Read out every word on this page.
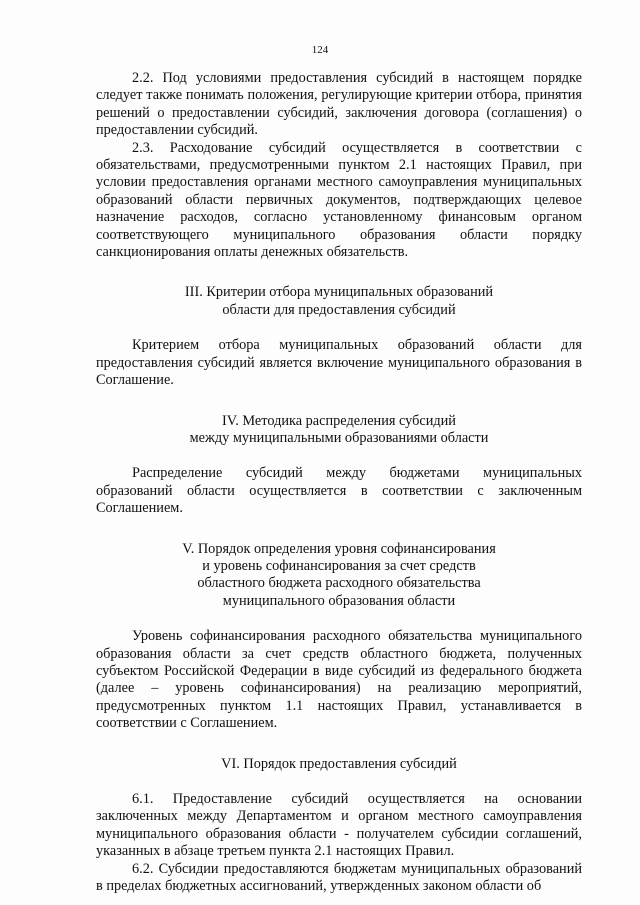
124

2.2. Под условиями предоставления субсидий в настоящем порядке следует также понимать положения, регулирующие критерии отбора, принятия решений о предоставлении субсидий, заключения договора (соглашения) о предоставлении субсидий.

2.3. Расходование субсидий осуществляется в соответствии с обязательствами, предусмотренными пунктом 2.1 настоящих Правил, при условии предоставления органами местного самоуправления муниципальных образований области первичных документов, подтверждающих целевое назначение расходов, согласно установленному финансовым органом соответствующего муниципального образования области порядку санкционирования оплаты денежных обязательств.

III. Критерии отбора муниципальных образований
области для предоставления субсидий

Критерием отбора муниципальных образований области для предоставления субсидий является включение муниципального образования в Соглашение.

IV. Методика распределения субсидий
между муниципальными образованиями области

Распределение субсидий между бюджетами муниципальных образований области осуществляется в соответствии с заключенным Соглашением.

V. Порядок определения уровня софинансирования
и уровень софинансирования за счет средств
областного бюджета расходного обязательства
муниципального образования области

Уровень софинансирования расходного обязательства муниципального образования области за счет средств областного бюджета, полученных субъектом Российской Федерации в виде субсидий из федерального бюджета (далее – уровень софинансирования) на реализацию мероприятий, предусмотренных пунктом 1.1 настоящих Правил, устанавливается в соответствии с Соглашением.

VI. Порядок предоставления субсидий

6.1. Предоставление субсидий осуществляется на основании заключенных между Департаментом и органом местного самоуправления муниципального образования области - получателем субсидии соглашений, указанных в абзаце третьем пункта 2.1 настоящих Правил.

6.2. Субсидии предоставляются бюджетам муниципальных образований в пределах бюджетных ассигнований, утвержденных законом области об
